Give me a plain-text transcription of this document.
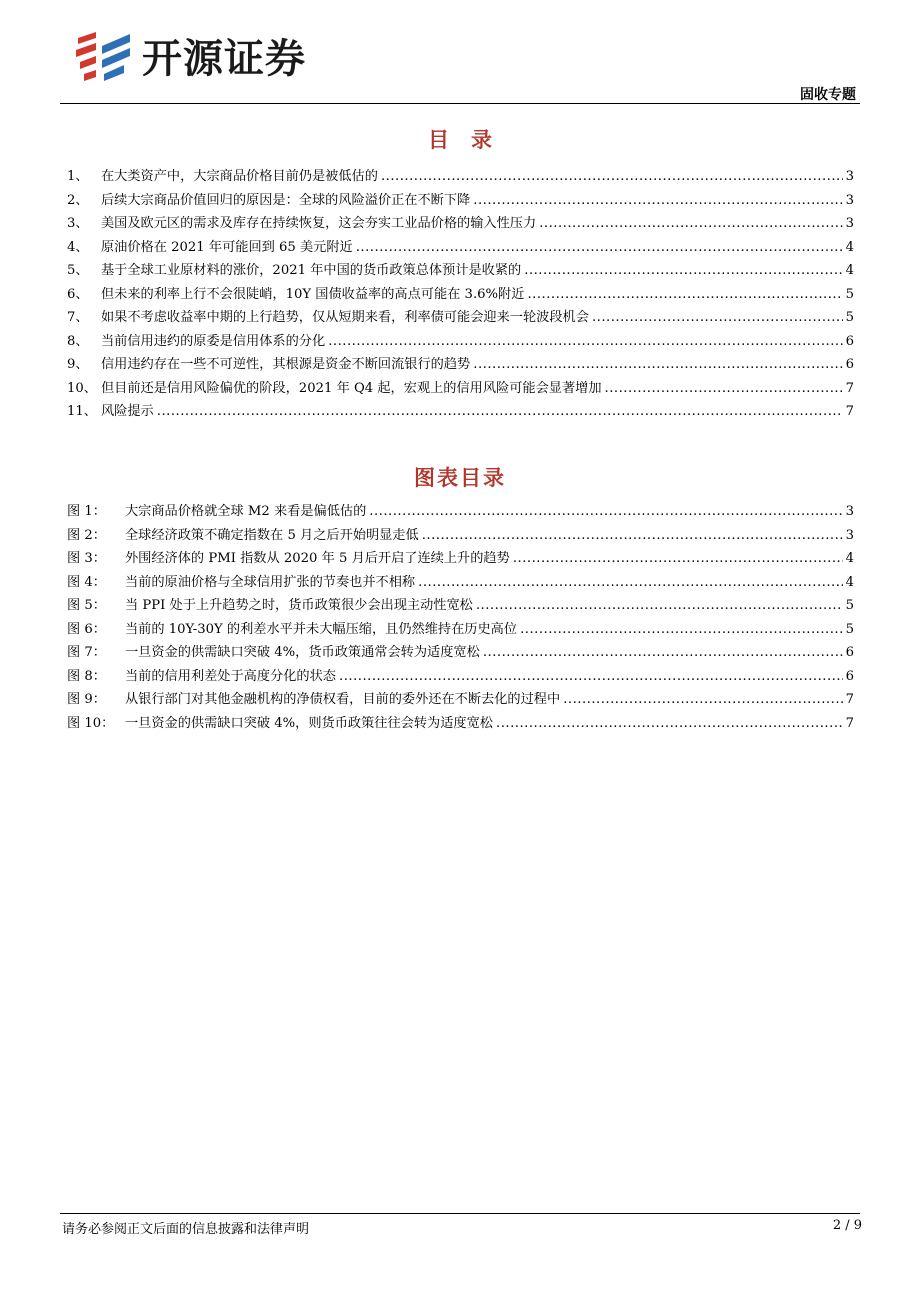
开源证券
固收专题
目录
1、 在大类资产中，大宗商品价格目前仍是被低估的 .....	3
2、 后续大宗商品价值回归的原因是：全球的风险溢价正在不断下降 .....	3
3、 美国及欧元区的需求及库存在持续恢复，这会夯实工业品价格的输入性压力 .....	3
4、 原油价格在 2021 年可能回到 65 美元附近 .....	4
5、 基于全球工业原材料的涨价，2021 年中国的货币政策总体预计是收紧的 .....	4
6、 但未来的利率上行不会很陡峭，10Y 国债收益率的高点可能在 3.6%附近 .....	5
7、 如果不考虑收益率中期的上行趋势，仅从短期来看，利率债可能会迎来一轮波段机会 .....	5
8、 当前信用违约的原委是信用体系的分化 .....	6
9、 信用违约存在一些不可逆性，其根源是资金不断回流银行的趋势 .....	6
10、 但目前还是信用风险偏优的阶段，2021 年 Q4 起，宏观上的信用风险可能会显著增加 .....	7
11、 风险提示 .....	7
图表目录
图 1：	大宗商品价格就全球 M2 来看是偏低估的 .....	3
图 2：	全球经济政策不确定指数在 5 月之后开始明显走低 .....	3
图 3：	外围经济体的 PMI 指数从 2020 年 5 月后开启了连续上升的趋势 .....	4
图 4：	当前的原油价格与全球信用扩张的节奏也并不相称 .....	4
图 5：	当 PPI 处于上升趋势之时，货币政策很少会出现主动性宽松 .....	5
图 6：	当前的 10Y-30Y 的利差水平并未大幅压缩，且仍然维持在历史高位 .....	5
图 7：	一旦资金的供需缺口突破 4%，货币政策通常会转为适度宽松 .....	6
图 8：	当前的信用利差处于高度分化的状态 .....	6
图 9：	从银行部门对其他金融机构的净债权看，目前的委外还在不断去化的过程中 .....	7
图 10： 一旦资金的供需缺口突破 4%，则货币政策往往会转为适度宽松 .....	7
请务必参阅正文后面的信息披露和法律声明	2 / 9
